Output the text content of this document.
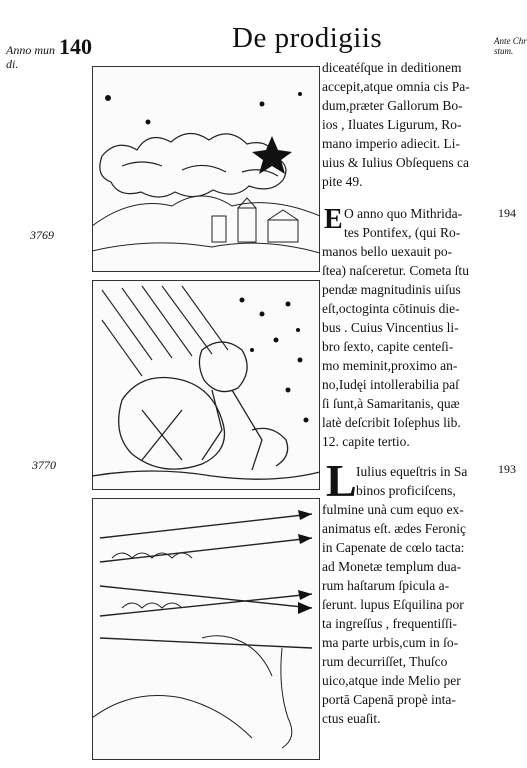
De prodigiis
Anno mun 140
di.
Ante Chr
stum.
3769
3770
194
193
diceatéſque in deditionem
accepit,atque omnia cis Pa-
dum,præter Gallorum Bo-
ios , Iluates Ligurum, Ro-
mano imperio adiecit. Li-
uius & Iulius Obſequens ca
pite 49.
E O anno quo Mithrida-
tes Pontifex, (qui Ro-
manos bello uexauit po-
ſtea) naſceretur. Cometa ſtu
pendæ magnitudinis uiſus
eſt,octoginta cōtinuis die-
bus . Cuius Vincentius li-
bro ſexto, capite centeſi-
mo meminit,proximo an-
no,Iudęi intollerabilia paſ
ſi ſunt,à Samaritanis, quæ
latè deſcribit Ioſephus lib.
12. capite tertio.
L Iulius equeſtris in Sa
binos proficiſcens,
fulmine unà cum equo ex-
animatus eſt. ædes Feroniç
in Capenate de cœlo tacta:
ad Monetæ templum dua-
rum haſtarum ſpicula a-
ſerunt. lupus Eſquilina por
ta ingreſſus , frequentiſſi-
ma parte urbis,cum in ſo-
rum decurriſſet, Thuſco
uico,atque inde Melio per
portā Capenā propè inta-
ctus euaſit.
